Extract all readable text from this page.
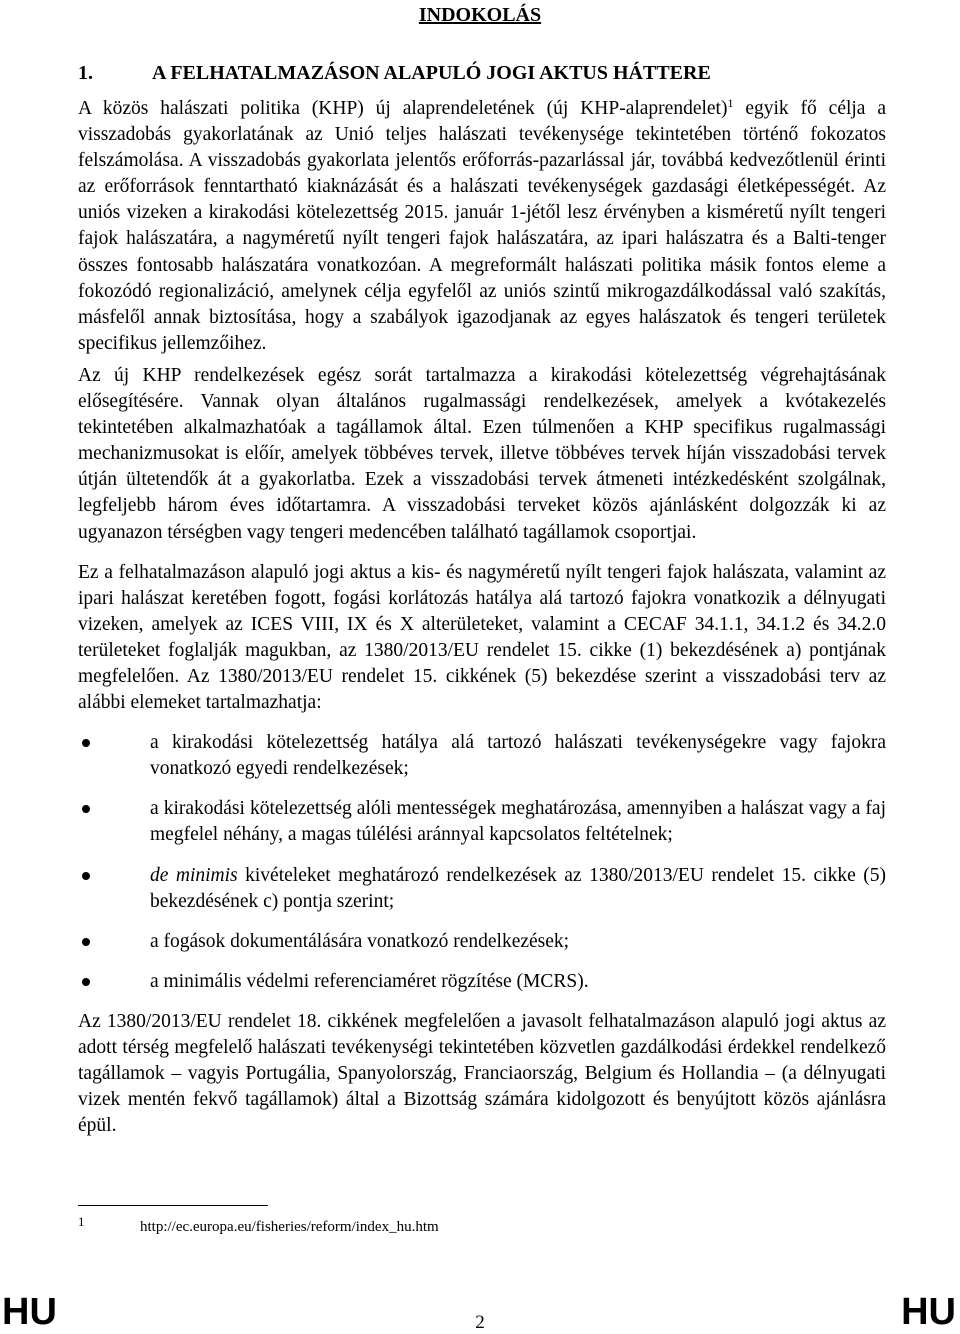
INDOKOLÁS
1.	A FELHATALMAZÁSON ALAPULÓ JOGI AKTUS HÁTTERE

A közös halászati politika (KHP) új alaprendeletének (új KHP-alaprendelet)$^1$ egyik fő célja a visszadobás gyakorlatának az Unió teljes halászati tevékenysége tekintetében történő fokozatos felszámolása. A visszadobás gyakorlata jelentős erőforrás-pazarlással jár, továbbá kedvezőtlenül érinti az erőforrások fenntartható kiaknázását és a halászati tevékenységek gazdasági életképességét. Az uniós vizeken a kirakodási kötelezettség 2015. január 1-jétől lesz érvényben a kisméretű nyílt tengeri fajok halászatára, a nagyméretű nyílt tengeri fajok halászatára, az ipari halászatra és a Balti-tenger összes fontosabb halászatára vonatkozóan. A megreformált halászati politika másik fontos eleme a fokozódó regionalizáció, amelynek célja egyfelől az uniós szintű mikrogazdálkodással való szakítás, másfelől annak biztosítása, hogy a szabályok igazodjanak az egyes halászatok és tengeri területek specifikus jellemzőihez.

Az új KHP rendelkezések egész sorát tartalmazza a kirakodási kötelezettség végrehajtásának elősegítésére. Vannak olyan általános rugalmassági rendelkezések, amelyek a kvótakezelés tekintetében alkalmazhatóak a tagállamok által. Ezen túlmenően a KHP specifikus rugalmassági mechanizmusokat is előír, amelyek többéves tervek, illetve többéves tervek híján visszadobási tervek útján ültetendők át a gyakorlatba. Ezek a visszadobási tervek átmeneti intézkedésként szolgálnak, legfeljebb három éves időtartamra. A visszadobási terveket közös ajánlásként dolgozzák ki az ugyanazon térségben vagy tengeri medencében található tagállamok csoportjai.

Ez a felhatalmazáson alapuló jogi aktus a kis- és nagyméretű nyílt tengeri fajok halászata, valamint az ipari halászat keretében fogott, fogási korlátozás hatálya alá tartozó fajokra vonatkozik a délnyugati vizeken, amelyek az ICES VIII, IX és X alterületeket, valamint a CECAF 34.1.1, 34.1.2 és 34.2.0 területeket foglalják magukban, az 1380/2013/EU rendelet 15. cikke (1) bekezdésének a) pontjának megfelelően. Az 1380/2013/EU rendelet 15. cikkének (5) bekezdése szerint a visszadobási terv az alábbi elemeket tartalmazhatja:

a kirakodási kötelezettség hatálya alá tartozó halászati tevékenységekre vagy fajokra vonatkozó egyedi rendelkezések;
a kirakodási kötelezettség alóli mentességek meghatározása, amennyiben a halászat vagy a faj megfelel néhány, a magas túlélési aránnyal kapcsolatos feltételnek;
de minimis kivételeket meghatározó rendelkezések az 1380/2013/EU rendelet 15. cikke (5) bekezdésének c) pontja szerint;
a fogások dokumentálására vonatkozó rendelkezések;
a minimális védelmi referenciaméret rögzítése (MCRS).

Az 1380/2013/EU rendelet 18. cikkének megfelelően a javasolt felhatalmazáson alapuló jogi aktus az adott térség megfelelő halászati tevékenységi tekintetében közvetlen gazdálkodási érdekkel rendelkező tagállamok – vagyis Portugália, Spanyolország, Franciaország, Belgium és Hollandia – (a délnyugati vizek mentén fekvő tagállamok) által a Bizottság számára kidolgozott és benyújtott közös ajánlásra épül.

1	http://ec.europa.eu/fisheries/reform/index_hu.htm
HU	2	HU
